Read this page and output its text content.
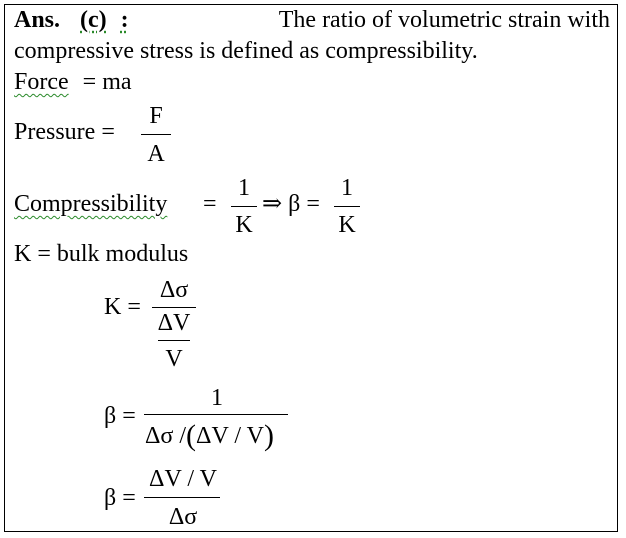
Ans. (c) :	The ratio of volumetric strain with
compressive stress is defined as compressibility.
Force = ma
Pressure =
F
A
Compressibility =
1
K
⇒ β =
1
K
K = bulk modulus
K =
Δσ
ΔV
V
β =
1
Δσ /(ΔV / V)
β =
ΔV / V
Δσ
